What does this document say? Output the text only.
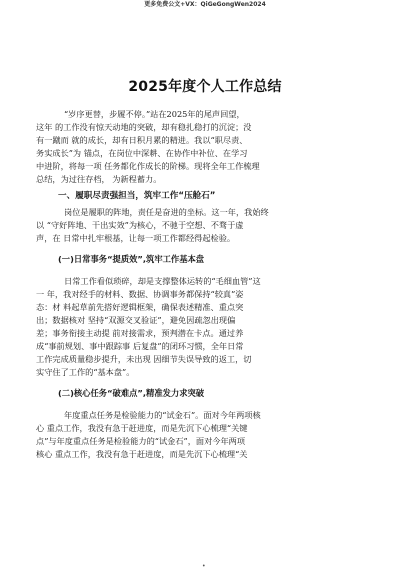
更多免费公文+VX：QiGeGongWen2024
2025年度个人工作总结
“岁序更替，步履不停。”站在2025年的尾声回望，
这年 的工作没有惊天动地的突破，却有稳扎稳打的沉淀；没
有一蹴而 就的成长，却有日积月累的精进。我以“职尽责、
务实成长”为 锚点，在岗位中深耕、在协作中补位、在学习
中进阶，将每一项 任务都化作成长的阶梯。现将全年工作梳理
总结，为过往存档， 为新程蓄力。
一、履职尽责强担当，筑牢工作“压舱石”
岗位是履职的阵地，责任是奋进的坐标。这一年，我始终
以 “守好阵地、干出实效”为核心，不驰于空想、不骛于虚
声，在 日常中扎牢根基，让每一项工作都经得起检验。
(一)日常事务“提质效”,筑牢工作基本盘
日常工作看似琐碎，却是支撑整体运转的“毛细血管”这
一 年，我对经手的材料、数据、协调事务都保持“较真”姿
态：材 料起草前先搭好逻辑框架，确保表述精准、重点突
出；数据核对 坚持“双源交叉验证”，避免因疏忽出现偏
差；事务衔接主动提 前对接需求，预判潜在卡点。通过养
成“事前规划、事中跟踪事 后复盘”的闭环习惯，全年日常
工作完成质量稳步提升，未出现 因细节失误导致的返工，切
实守住了工作的“基本盘”。
(二)核心任务“破难点”,精准发力求突破
年度重点任务是检验能力的“试金石”。面对今年两项核
心 重点工作，我没有急于赶进度，而是先沉下心梳理“关键
点”与年度重点任务是检验能力的“试金石”，面对今年两项
核心 重点工作，我没有急于赶进度，而是先沉下心梳理“关
•
